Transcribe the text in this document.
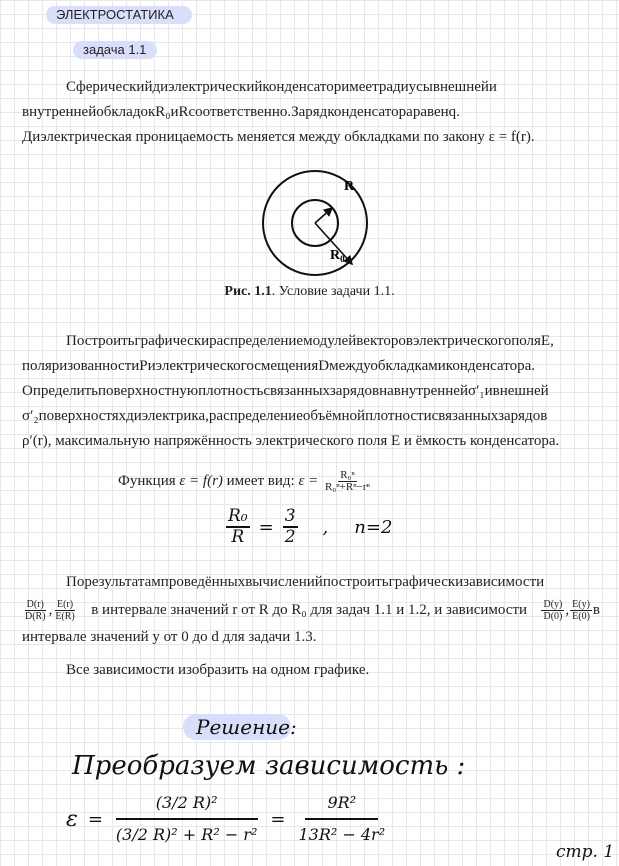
ЭЛЕКТРОСТАТИКА
задача 1.1
Сферическийдиэлектрическийконденсаторимеетрадиусывнешнейи
внутреннейобкладокR₀иRсоответственно.Зарядконденсатораравенq.
Диэлектрическая проницаемость меняется между обкладками по закону ε = f(r).
R
$R_0$
Рис. 1.1. Условие задачи 1.1.
ПостроитьграфическираспределениемодулейвекторовэлектрическогополяE,
поляризованностиPиэлектрическогосмещенияDмеждуобкладкамиконденсатора.
Определитьповерхностнуюплотностьсвязанныхзарядовнавнутреннейσ′₁ивнешней
σ′₂поверхностяхдиэлектрика,распределениеобъёмнойплотностисвязанныхзарядов
ρ′(r), максимальную напряжённость электрического поля E и ёмкость конденсатора.
Функция ε = f(r) имеет вид: $\varepsilon = \frac{\text{R₀ⁿ}}{\text{R₀ⁿ+Rⁿ−rⁿ}}$
$\frac{\text{R₀}}{R} = \frac{3}{2}$ , n=2
Порезультатампроведённыхвычисленийпостроитьграфическизависимости
$\frac{D(r)}{D(R)}$ , $\frac{E(r)}{E(R)}$ в интервале значений r от R до R₀ для задач 1.1 и 1.2, и зависимости $\frac{D(y)}{D(0)}$ , $\frac{E(y)}{E(0)}$ в
интервале значений y от 0 до d для задачи 1.3.
Все зависимости изобразить на одном графике.
Решение:
Преобразуем зависимость :
$\varepsilon = \frac{\text{(3/2 R)²}}{\text{(3/2 R)² + R² − r²}} = \frac{\text{9R²}}{\text{13R² − 4r²}}$
стр. 1
